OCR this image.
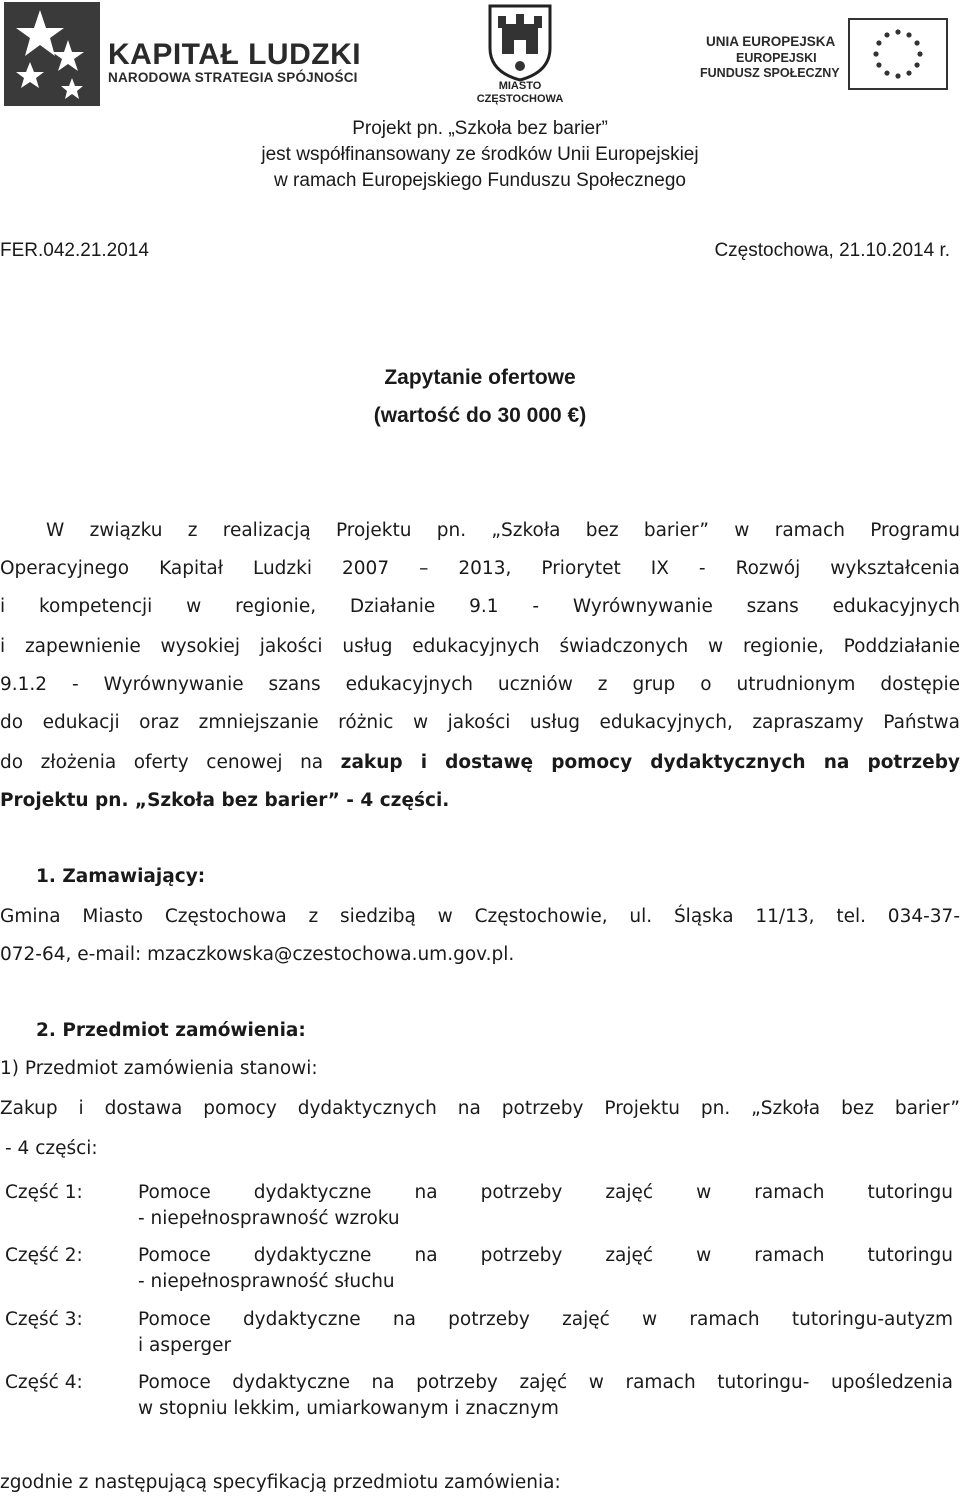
KAPITAŁ LUDZKI
NARODOWA STRATEGIA SPÓJNOŚCI
MIASTO
CZĘSTOCHOWA
UNIA EUROPEJSKA
EUROPEJSKI
FUNDUSZ SPOŁECZNY
Projekt pn. „Szkoła bez barier”
jest współfinansowany ze środków Unii Europejskiej
w ramach Europejskiego Funduszu Społecznego
FER.042.21.2014	Częstochowa, 21.10.2014 r.
Zapytanie ofertowe
(wartość do 30 000 €)
W związku z realizacją Projektu pn. „Szkoła bez barier” w ramach Programu
Operacyjnego Kapitał Ludzki 2007 – 2013, Priorytet IX - Rozwój wykształcenia
i kompetencji w regionie, Działanie 9.1 - Wyrównywanie szans edukacyjnych
i zapewnienie wysokiej jakości usług edukacyjnych świadczonych w regionie, Poddziałanie
9.1.2 - Wyrównywanie szans edukacyjnych uczniów z grup o utrudnionym dostępie
do edukacji oraz zmniejszanie różnic w jakości usług edukacyjnych, zapraszamy Państwa
do złożenia oferty cenowej na zakup i dostawę pomocy dydaktycznych na potrzeby
Projektu pn. „Szkoła bez barier” - 4 części.
1. Zamawiający:
Gmina Miasto Częstochowa z siedzibą w Częstochowie, ul. Śląska 11/13, tel. 034-37-
072-64, e-mail: mzaczkowska@czestochowa.um.gov.pl.
2. Przedmiot zamówienia:
1) Przedmiot zamówienia stanowi:
Zakup i dostawa pomocy dydaktycznych na potrzeby Projektu pn. „Szkoła bez barier”
- 4 części:
Część 1:	Pomoce dydaktyczne na potrzeby zajęć w ramach tutoringu
- niepełnosprawność wzroku
Część 2:	Pomoce dydaktyczne na potrzeby zajęć w ramach tutoringu
- niepełnosprawność słuchu
Część 3:	Pomoce dydaktyczne na potrzeby zajęć w ramach tutoringu-autyzm
i asperger
Część 4:	Pomoce dydaktyczne na potrzeby zajęć w ramach tutoringu- upośledzenia
w stopniu lekkim, umiarkowanym i znacznym
zgodnie z następującą specyfikacją przedmiotu zamówienia:
